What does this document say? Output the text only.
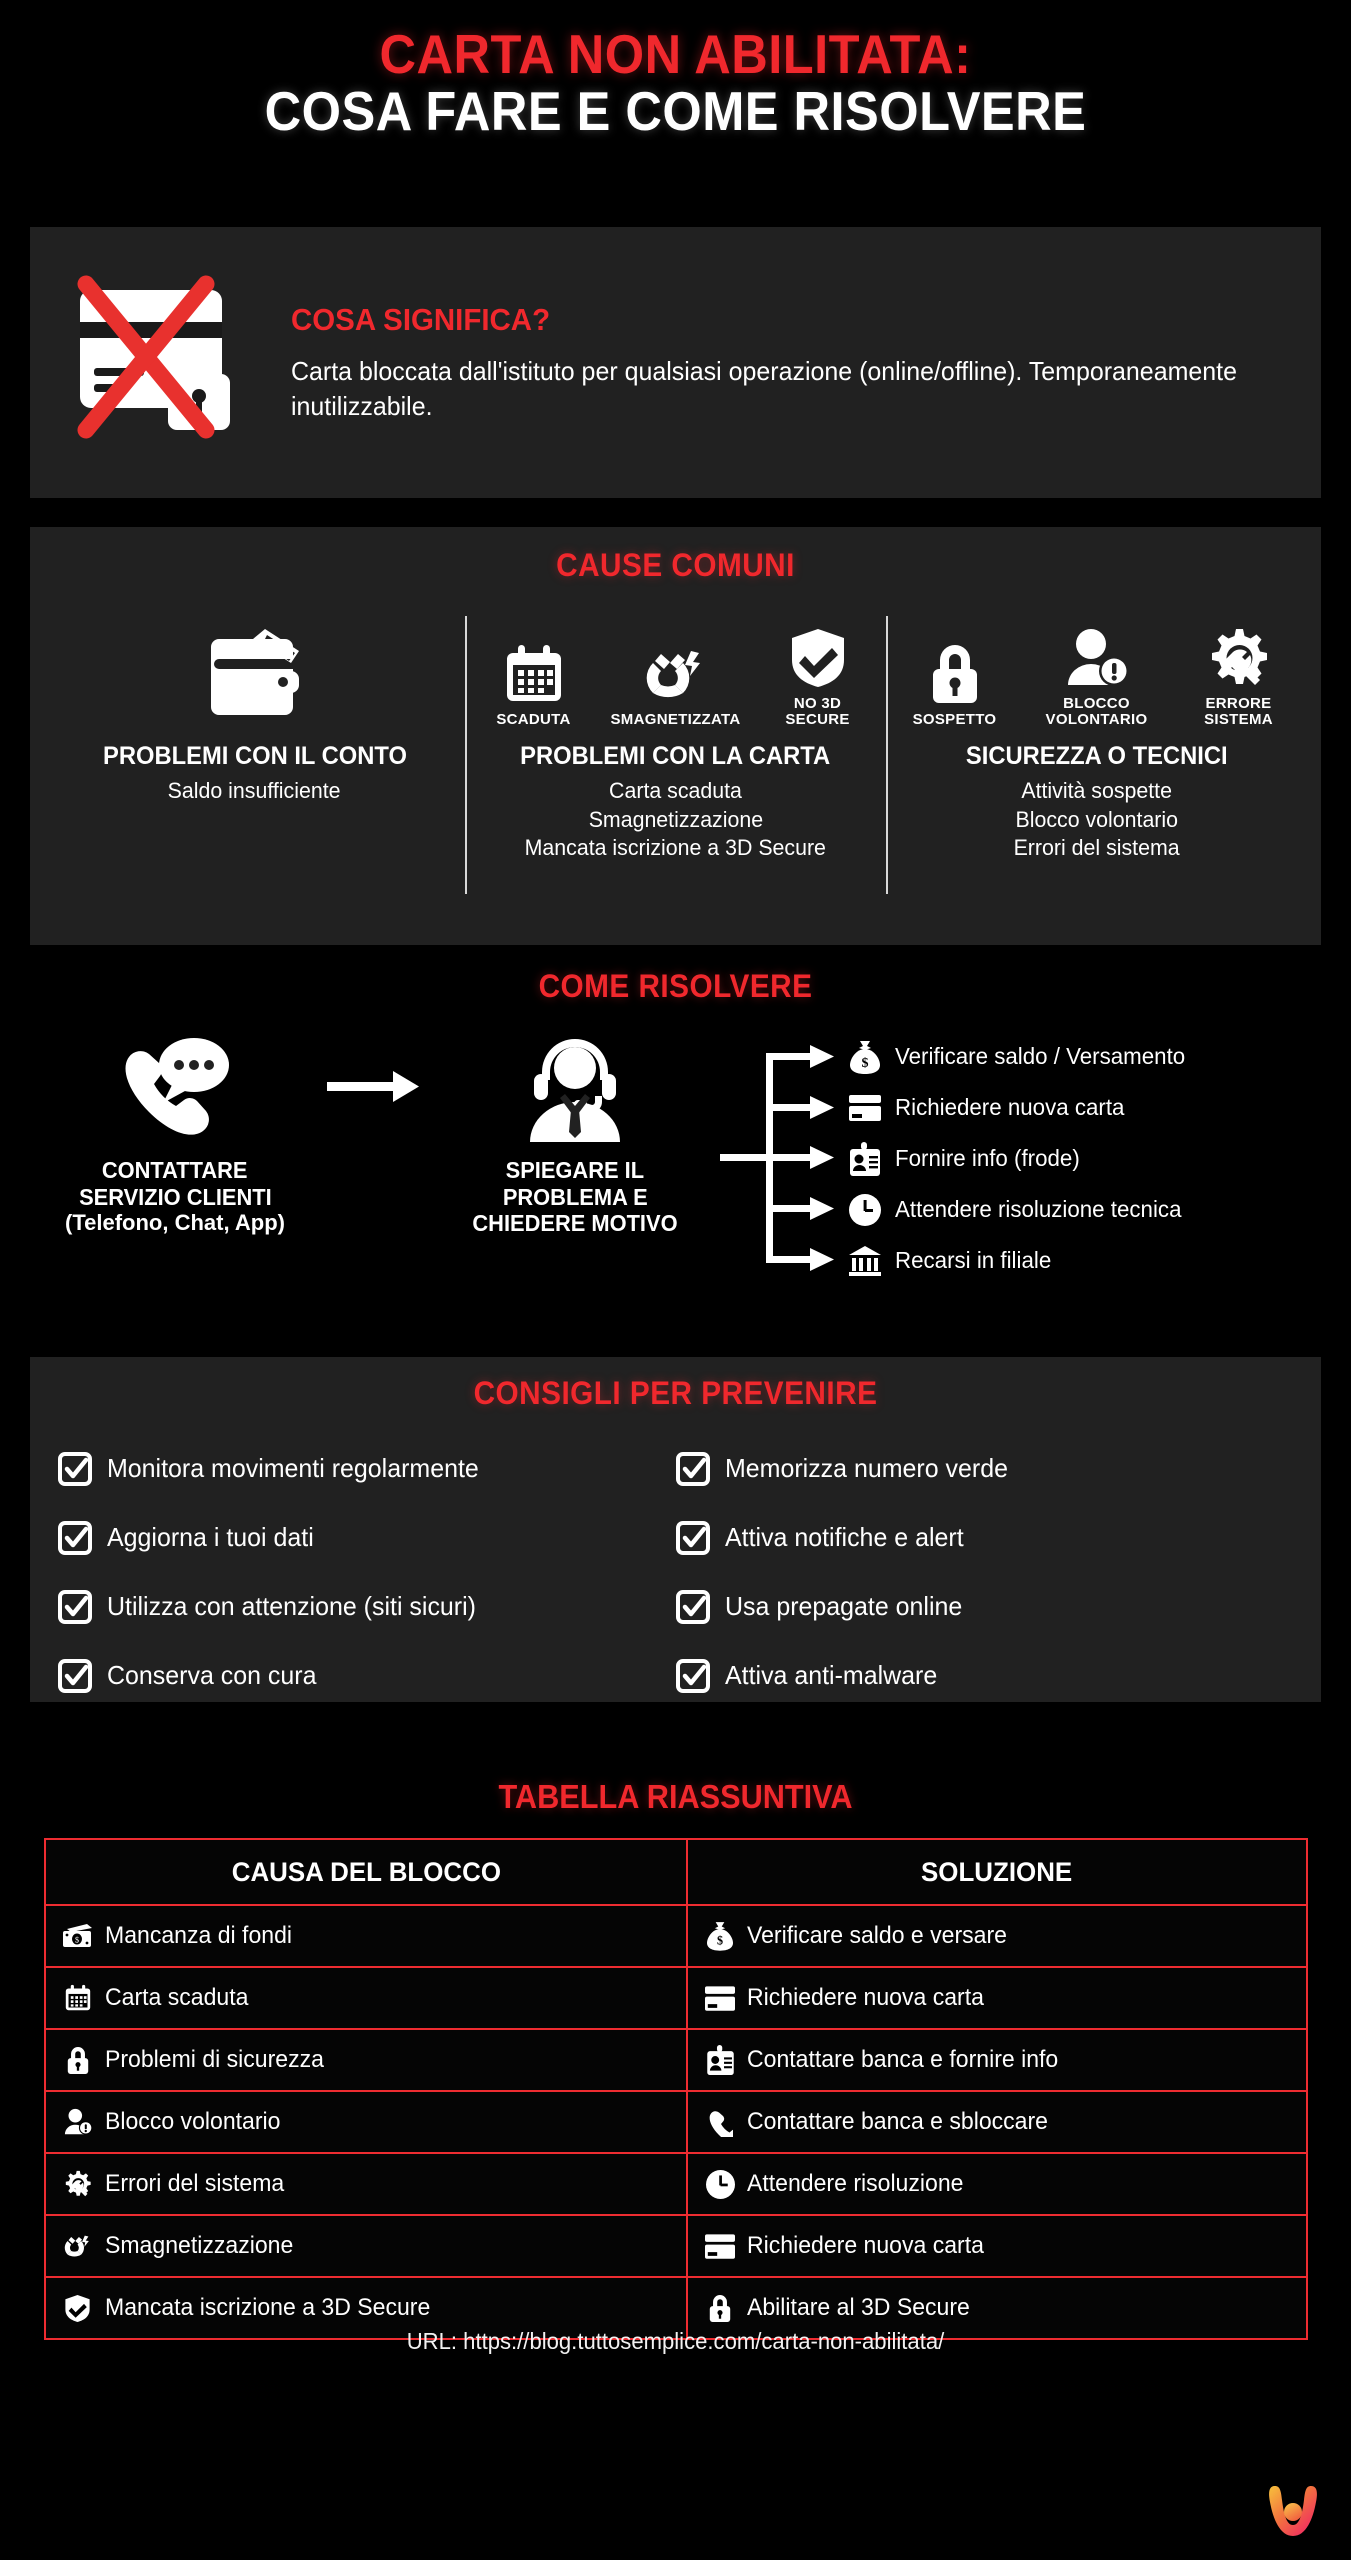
CARTA NON ABILITATA:
COSA FARE E COME RISOLVERE
COSA SIGNIFICA?
Carta bloccata dall'istituto per qualsiasi operazione (online/offline). Temporaneamente inutilizzabile.
CAUSE COMUNI
PROBLEMI CON IL CONTO
Saldo insufficiente
SCADUTA	SMAGNETIZZATA
NO 3D SECURE
PROBLEMI CON LA CARTA
Carta scaduta
Smagnetizzazione
Mancata iscrizione a 3D Secure
SOSPETTO
BLOCCO VOLONTARIO
ERRORE SISTEMA
SICUREZZA O TECNICI
Attività sospette
Blocco volontario
Errori del sistema
COME RISOLVERE
CONTATTARE
SERVIZIO CLIENTI
(Telefono, Chat, App)
SPIEGARE IL
PROBLEMA E
CHIEDERE MOTIVO
$ Verificare saldo / Versamento
Richiedere nuova carta
Fornire info (frode)
Attendere risoluzione tecnica
Recarsi in filiale
CONSIGLI PER PREVENIRE
Monitora movimenti regolarmente
Aggiorna i tuoi dati
Utilizza con attenzione (siti sicuri)
Conserva con cura
Memorizza numero verde
Attiva notifiche e alert
Usa prepagate online
Attiva anti-malware
TABELLA RIASSUNTIVA
CAUSA DEL BLOCCO	SOLUZIONE

$ Mancanza di fondi	$ Verificare saldo e versare

Carta scaduta	Richiedere nuova carta

Problemi di sicurezza	Contattare banca e fornire info

Blocco volontario	Contattare banca e sbloccare

Errori del sistema	Attendere risoluzione

Smagnetizzazione	Richiedere nuova carta

Mancata iscrizione a 3D Secure	Abilitare al 3D Secure
URL: https://blog.tuttosemplice.com/carta-non-abilitata/
